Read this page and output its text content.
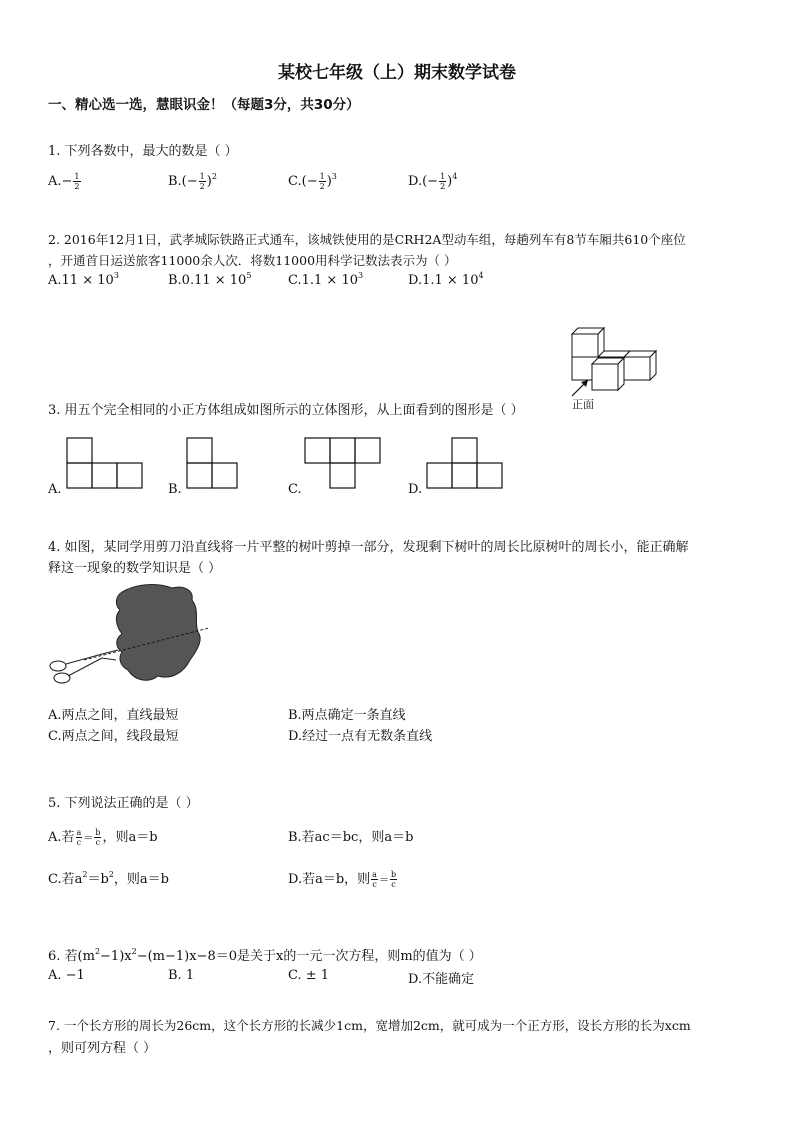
某校七年级（上）期末数学试卷
一、精心选一选，慧眼识金！（每题3分，共30分）
1. 下列各数中，最大的数是（ ）
$A.- \frac{1}{2}$	$B.(- \frac{1}{2} )^2$	$C.(- \frac{1}{2} )^3$	$D.(- \frac{1}{2} )^4$
2. 2016年12月1日，武孝城际铁路正式通车，该城铁使用的是CRH2A型动车组，每趟列车有8节车厢共610个座位
，开通首日运送旅客11000余人次．将数11000用科学记数法表示为（ ）
$A.11 \times 10^3$	$B.0.11 \times 10^5$	$C.1.1 \times 10^3$	$D.1.1 \times 10^4$
正面
3. 用五个完全相同的小正方体组成如图所示的立体图形，从上面看到的图形是（ ）
A.	B.	C.	D.
4. 如图，某同学用剪刀沿直线将一片平整的树叶剪掉一部分，发现剩下树叶的周长比原树叶的周长小，能正确解
释这一现象的数学知识是（ ）
A.两点之间，直线最短	B.两点确定一条直线
C.两点之间，线段最短	D.经过一点有无数条直线
5. 下列说法正确的是（ ）
A.若 $\frac{a}{c} = \frac{b}{c}$ ，则a＝b	B.若ac＝bc，则a＝b
C.若$a^2=b^2$，则a＝b	D.若a＝b，则 $\frac{a}{c} = \frac{b}{c}$
6. 若$(m^2-1)x^2-(m-1)x-8=0$是关于x的一元一次方程，则m的值为（ ）
A. −1	B. 1	C. ± 1	D.不能确定
7. 一个长方形的周长为26cm，这个长方形的长减少1cm，宽增加2cm，就可成为一个正方形，设长方形的长为xcm
，则可列方程（ ）
